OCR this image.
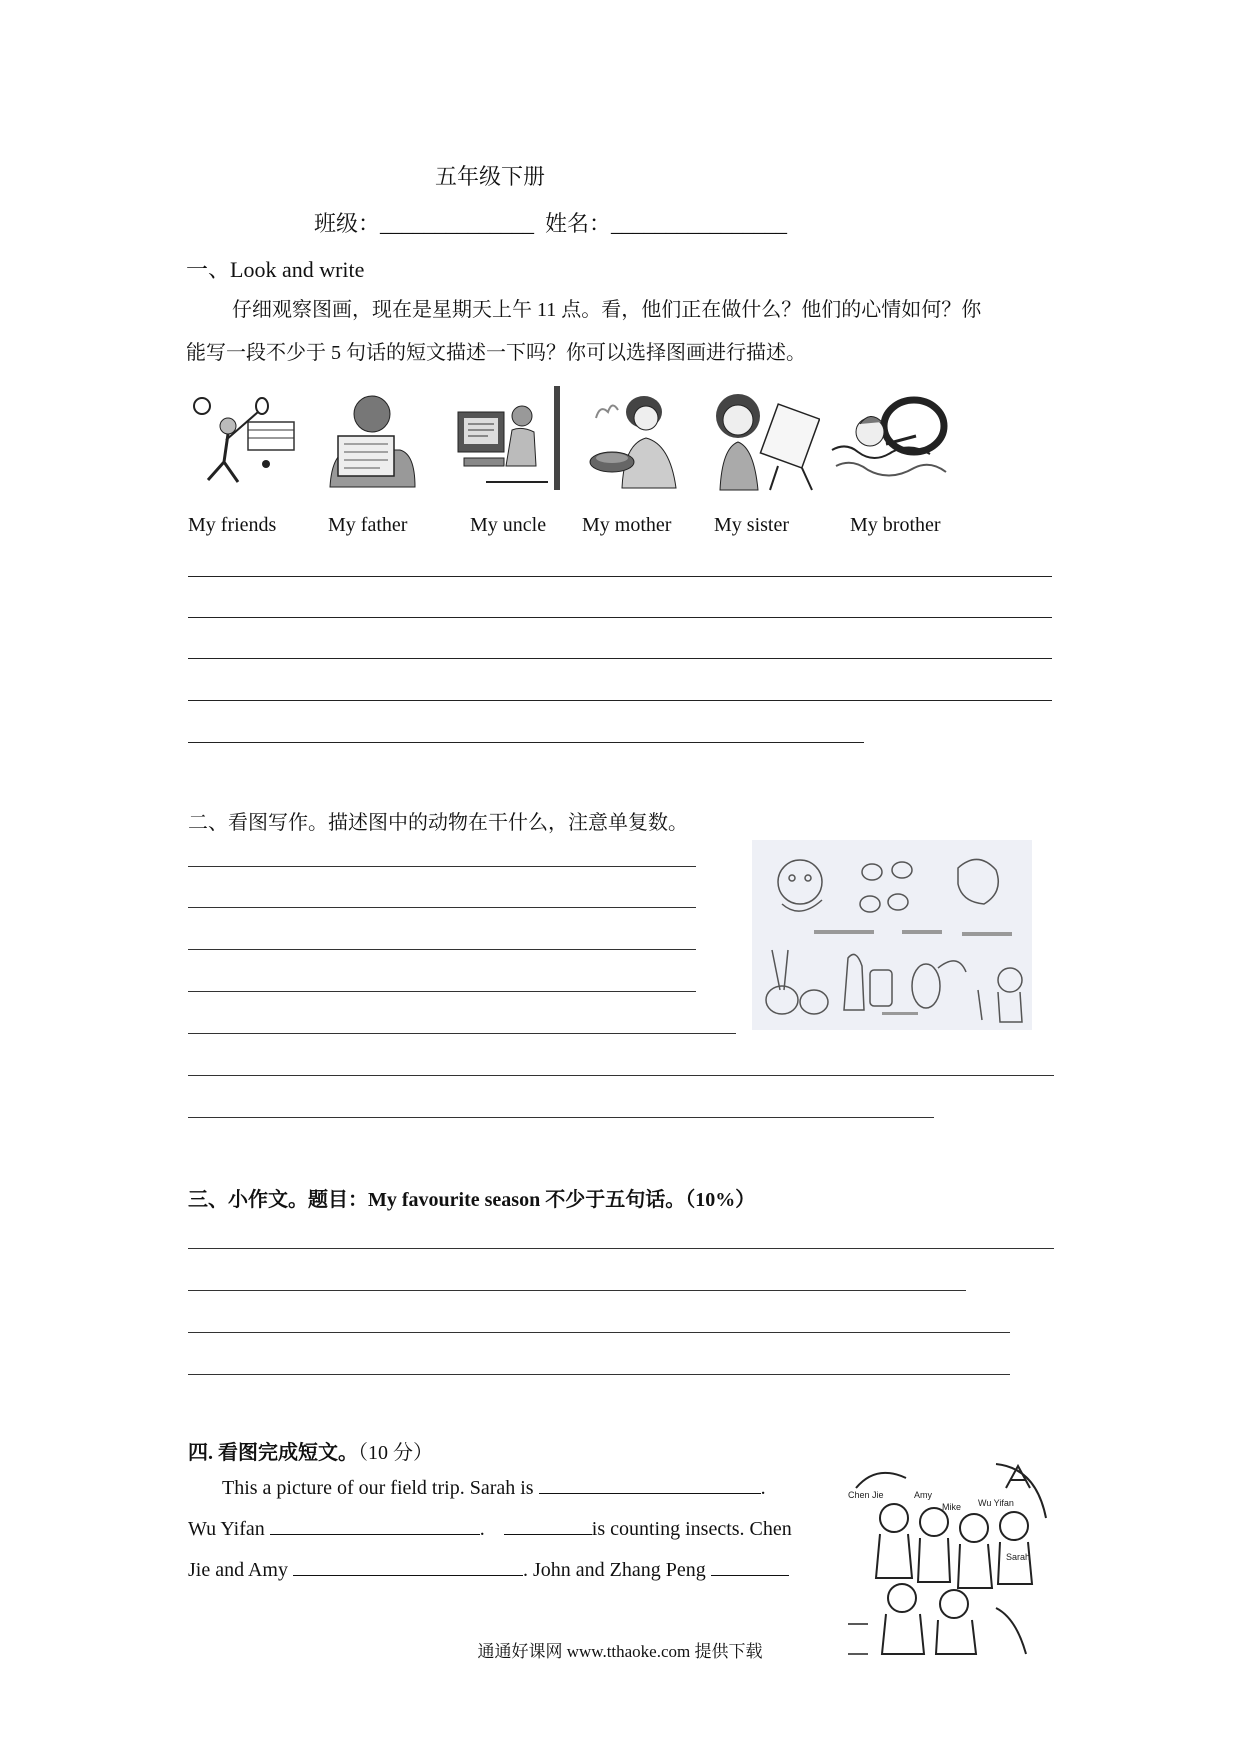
五年级下册
班级：______________ 姓名：________________
一、Look and write
仔细观察图画，现在是星期天上午 11 点。看，他们正在做什么？他们的心情如何？你
能写一段不少于 5 句话的短文描述一下吗？你可以选择图画进行描述。
My friends	My father	My uncle My mother My sister	My brother
二、看图写作。描述图中的动物在干什么，注意单复数。
三、小作文。题目：My favourite season 不少于五句话。（10%）
四. 看图完成短文。（10 分）
This a picture of our field trip. Sarah is	.
Wu Yifan	.	is counting insects. Chen
Jie and Amy	. John and Zhang Peng
Chen Jie	Amy
Mike Wu Yifan
Sarah
通通好课网 www.tthaoke.com 提供下载
